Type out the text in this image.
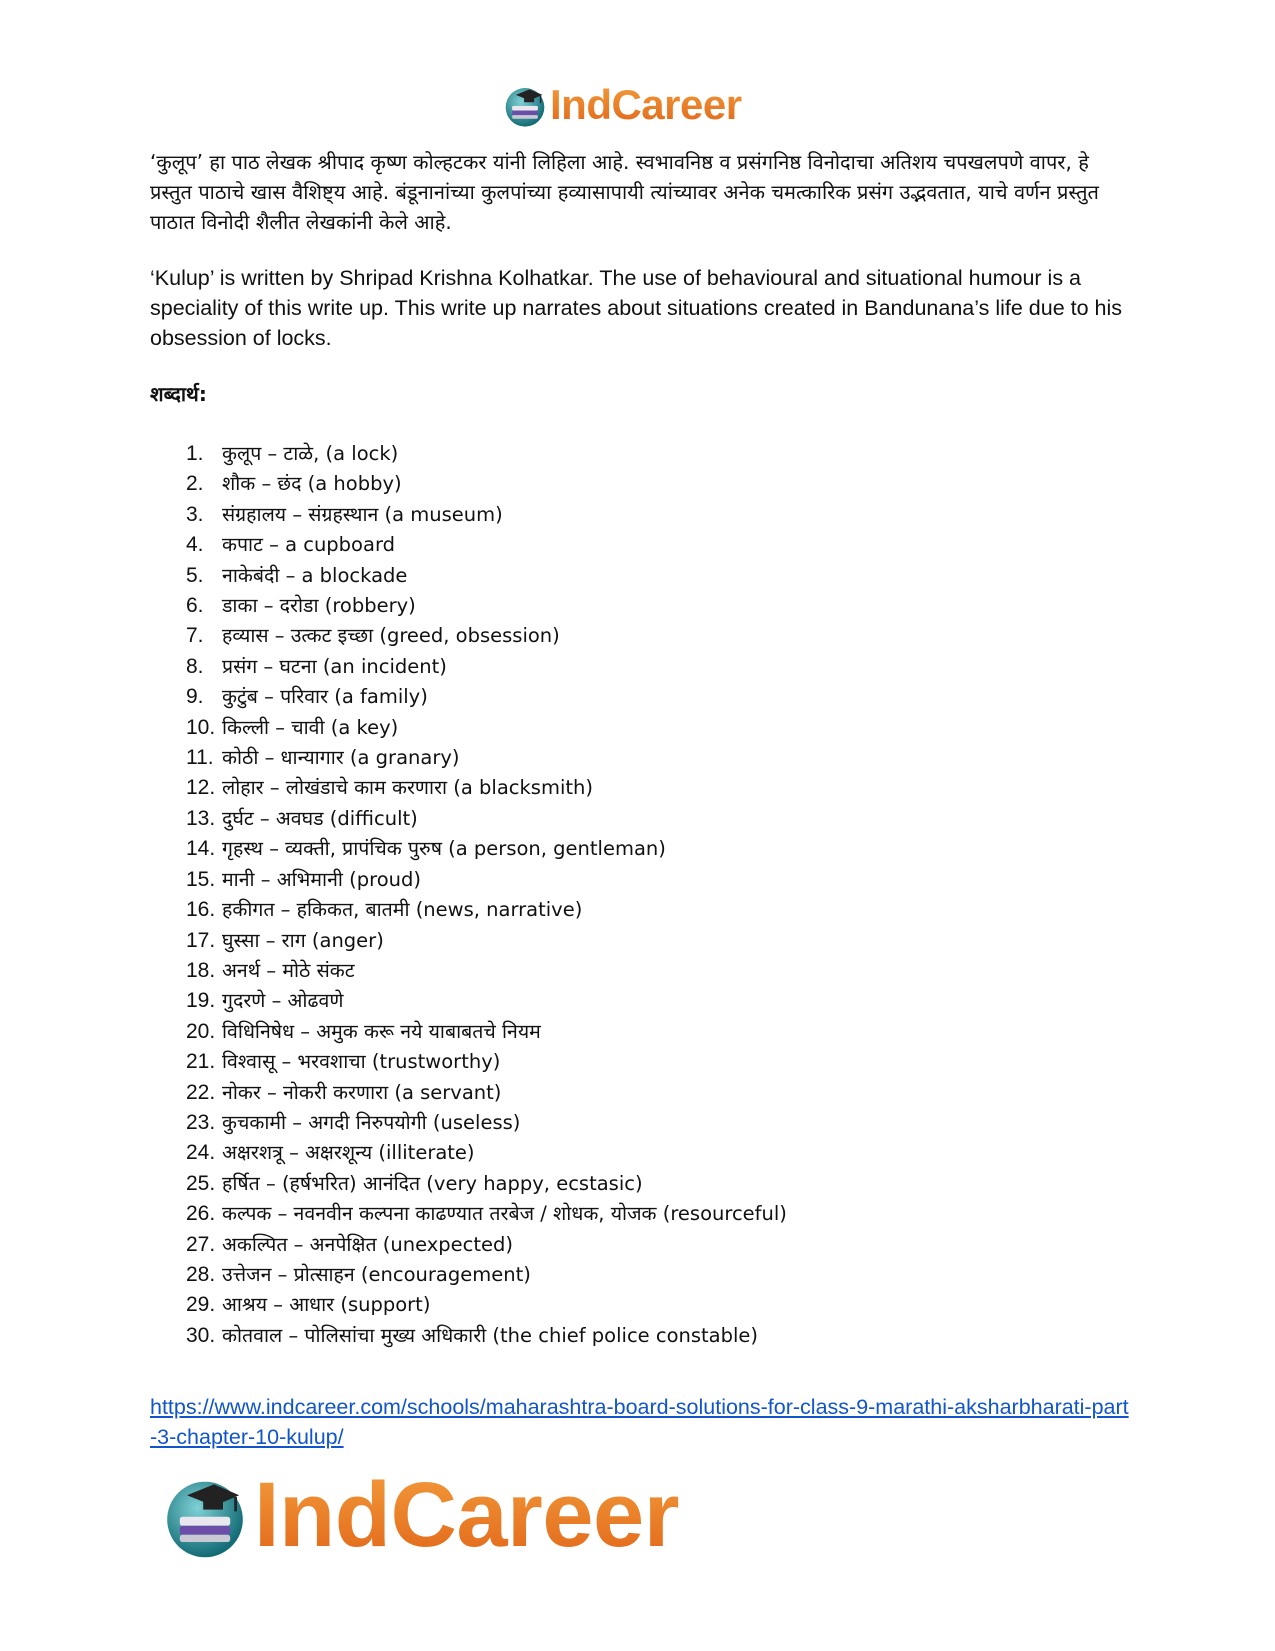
IndCareer

‘कुलूप’ हा पाठ लेखक श्रीपाद कृष्ण कोल्हटकर यांनी लिहिला आहे. स्वभावनिष्ठ व प्रसंगनिष्ठ विनोदाचा अतिशय चपखलपणे वापर, हे प्रस्तुत पाठाचे खास वैशिष्ट्य आहे. बंडूनानांच्या कुलपांच्या हव्यासापायी त्यांच्यावर अनेक चमत्कारिक प्रसंग उद्भवतात, याचे वर्णन प्रस्तुत पाठात विनोदी शैलीत लेखकांनी केले आहे.

‘Kulup’ is written by Shripad Krishna Kolhatkar. The use of behavioural and situational humour is a speciality of this write up. This write up narrates about situations created in Bandunana’s life due to his obsession of locks.

शब्दार्थ:
1. कुलूप – टाळे, (a lock)
2. शौक – छंद (a hobby)
3. संग्रहालय – संग्रहस्थान (a museum)
4. कपाट – a cupboard
5. नाकेबंदी – a blockade
6. डाका – दरोडा (robbery)
7. हव्यास – उत्कट इच्छा (greed, obsession)
8. प्रसंग – घटना (an incident)
9. कुटुंब – परिवार (a family)
10. किल्ली – चावी (a key)
11. कोठी – धान्यागार (a granary)
12. लोहार – लोखंडाचे काम करणारा (a blacksmith)
13. दुर्घट – अवघड (difficult)
14. गृहस्थ – व्यक्ती, प्रापंचिक पुरुष (a person, gentleman)
15. मानी – अभिमानी (proud)
16. हकीगत – हकिकत, बातमी (news, narrative)
17. घुस्सा – राग (anger)
18. अनर्थ – मोठे संकट
19. गुदरणे – ओढवणे
20. विधिनिषेध – अमुक करू नये याबाबतचे नियम
21. विश्वासू – भरवशाचा (trustworthy)
22. नोकर – नोकरी करणारा (a servant)
23. कुचकामी – अगदी निरुपयोगी (useless)
24. अक्षरशत्रू – अक्षरशून्य (illiterate)
25. हर्षित – (हर्षभरित) आनंदित (very happy, ecstasic)
26. कल्पक – नवनवीन कल्पना काढण्यात तरबेज / शोधक, योजक (resourceful)
27. अकल्पित – अनपेक्षित (unexpected)
28. उत्तेजन – प्रोत्साहन (encouragement)
29. आश्रय – आधार (support)
30. कोतवाल – पोलिसांचा मुख्य अधिकारी (the chief police constable)
https://www.indcareer.com/schools/maharashtra-board-solutions-for-class-9-marathi-aksharbharati-part-3-chapter-10-kulup/
IndCareer
